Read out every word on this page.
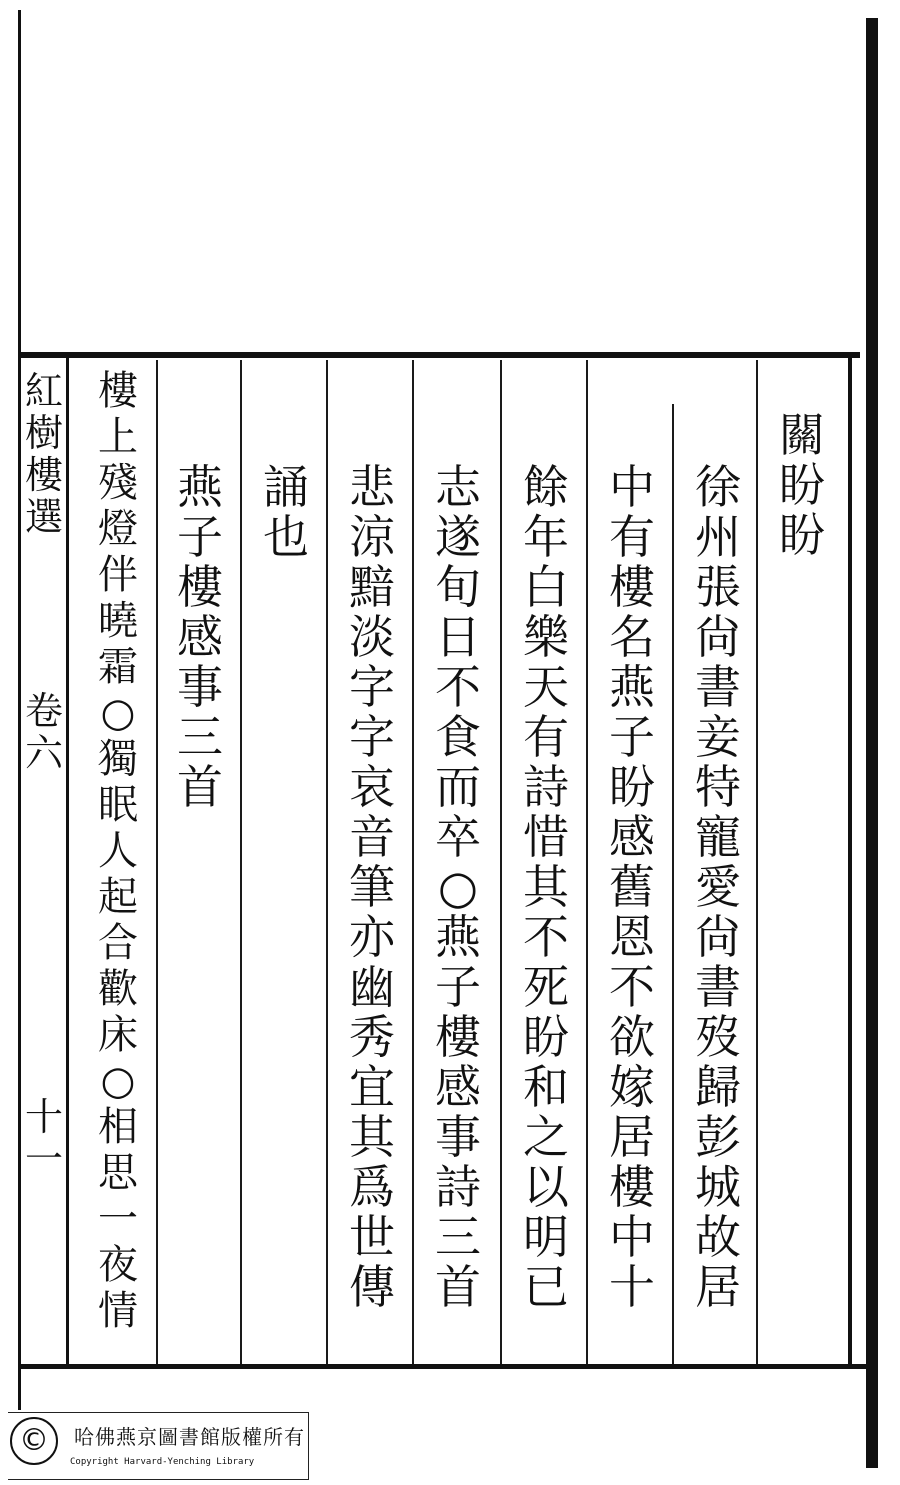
關盼盼
徐州張尙書妾特寵愛尙書歿歸彭城故居
中有樓名燕子盼感舊恩不欲嫁居樓中十
餘年白樂天有詩惜其不死盼和之以明已
志遂旬日不食而卒○燕子樓感事詩三首
悲涼黯淡字字哀音筆亦幽秀宜其爲世傳
誦也
燕子樓感事三首
樓上殘燈伴曉霜○獨眠人起合歡床○相思一夜情
紅樹樓選
卷六
十一
©	哈佛燕京圖書館版權所有
Copyright Harvard-Yenching Library
